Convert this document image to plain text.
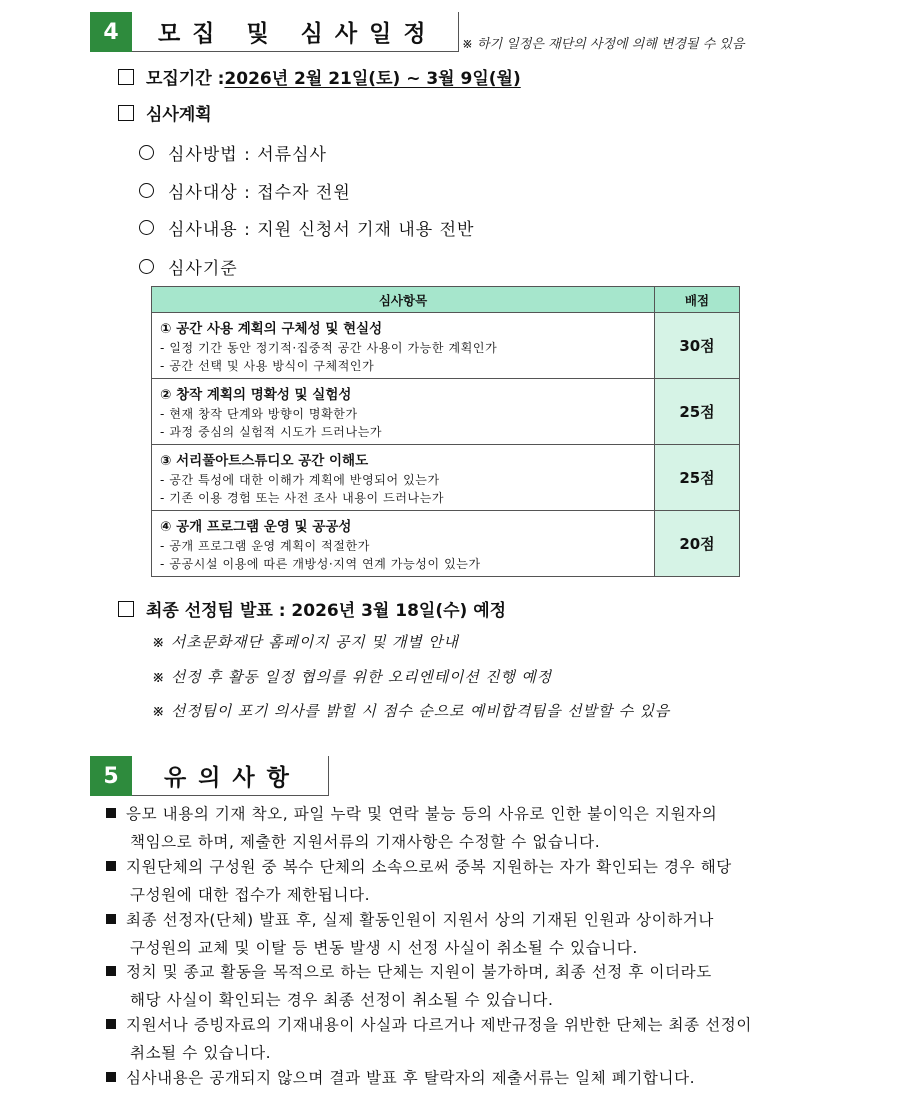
4	모집 및 심사일정	※ 하기 일정은 재단의 사정에 의해 변경될 수 있음
모집기간 : 2026년 2월 21일(토) ~ 3월 9일(월)
심사계획
심사방법 : 서류심사
심사대상 : 접수자 전원
심사내용 : 지원 신청서 기재 내용 전반
심사기준
심사항목	배점

① 공간 사용 계획의 구체성 및 현실성
- 일정 기간 동안 정기적·집중적 공간 사용이 가능한 계획인가
- 공간 선택 및 사용 방식이 구체적인가	30점

② 창작 계획의 명확성 및 실험성
- 현재 창작 단계와 방향이 명확한가
- 과정 중심의 실험적 시도가 드러나는가	25점

③ 서리풀아트스튜디오 공간 이해도
- 공간 특성에 대한 이해가 계획에 반영되어 있는가
- 기존 이용 경험 또는 사전 조사 내용이 드러나는가	25점

④ 공개 프로그램 운영 및 공공성
- 공개 프로그램 운영 계획이 적절한가
- 공공시설 이용에 따른 개방성·지역 연계 가능성이 있는가	20점
최종 선정팀 발표 : 2026년 3월 18일(수) 예정
※ 서초문화재단 홈페이지 공지 및 개별 안내
※ 선정 후 활동 일정 협의를 위한 오리엔테이션 진행 예정
※ 선정팀이 포기 의사를 밝힐 시 점수 순으로 예비합격팀을 선발할 수 있음
5	유의사항
응모 내용의 기재 착오, 파일 누락 및 연락 불능 등의 사유로 인한 불이익은 지원자의
책임으로 하며, 제출한 지원서류의 기재사항은 수정할 수 없습니다.
지원단체의 구성원 중 복수 단체의 소속으로써 중복 지원하는 자가 확인되는 경우 해당
구성원에 대한 접수가 제한됩니다.
최종 선정자(단체) 발표 후, 실제 활동인원이 지원서 상의 기재된 인원과 상이하거나
구성원의 교체 및 이탈 등 변동 발생 시 선정 사실이 취소될 수 있습니다.
정치 및 종교 활동을 목적으로 하는 단체는 지원이 불가하며, 최종 선정 후 이더라도
해당 사실이 확인되는 경우 최종 선정이 취소될 수 있습니다.
지원서나 증빙자료의 기재내용이 사실과 다르거나 제반규정을 위반한 단체는 최종 선정이
취소될 수 있습니다.
심사내용은 공개되지 않으며 결과 발표 후 탈락자의 제출서류는 일체 폐기합니다.
